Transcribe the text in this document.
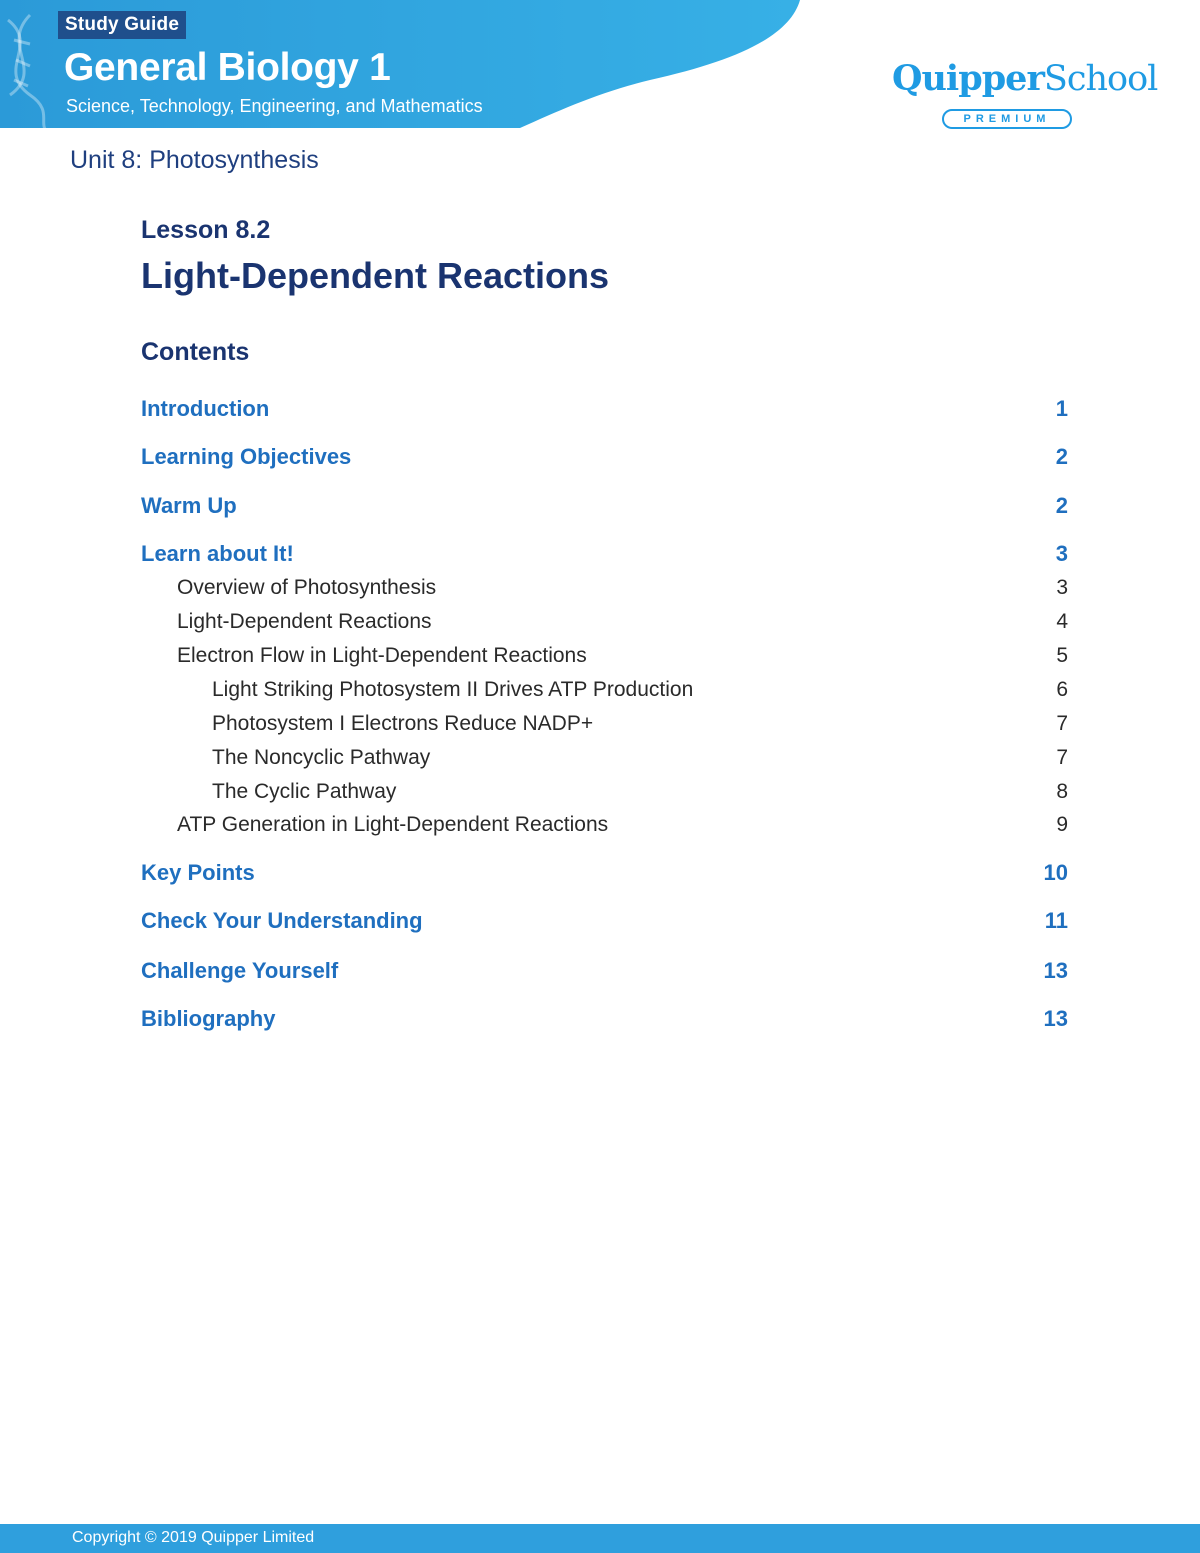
Study Guide
General Biology 1
Science, Technology, Engineering, and Mathematics
QuipperSchool
PREMIUM
Unit 8: Photosynthesis
Lesson 8.2
Light-Dependent Reactions
Contents
Introduction	1
Learning Objectives	2
Warm Up	2
Learn about It!	3
Overview of Photosynthesis	3
Light-Dependent Reactions	4
Electron Flow in Light-Dependent Reactions	5
Light Striking Photosystem II Drives ATP Production	6
Photosystem I Electrons Reduce NADP+	7
The Noncyclic Pathway	7
The Cyclic Pathway	8
ATP Generation in Light-Dependent Reactions	9
Key Points	10
Check Your Understanding	11
Challenge Yourself	13
Bibliography	13
Copyright © 2019 Quipper Limited
